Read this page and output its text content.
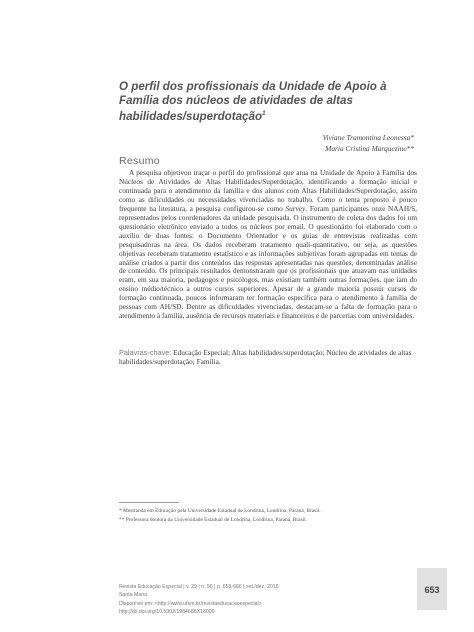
O perfil dos profissionais da Unidade de Apoio à Família dos núcleos de atividades de altas habilidades/superdotação$^1$
Viviane Tramontina Leonessa*
Maria Cristina Marquezine**
Resumo

A pesquisa objetivou traçar o perfil do profissional que atua na Unidade de Apoio à Família dos Núcleos de Atividades de Altas Habilidades/Superdotação, identificando a formação inicial e continuada para o atendimento da família e dos alunos com Altas Habilidades/Superdotação, assim como as dificuldades ou necessidades vivenciadas no trabalho. Como o tema proposto é pouco frequente na literatura, a pesquisa configurou-se como Survey. Foram participantes onze NAAH/S, representados pelos coordenadores da unidade pesquisada. O instrumento de coleta dos dados foi um questionário eletrônico enviado a todos os núcleos por email. O questionário foi elaborado com o auxílio de duas fontes: o Documento Orientador e os guias de entrevistas realizadas com pesquisadoras na área. Os dados receberam tratamento quali-quantitativo, ou seja, as questões objetivas receberam tratamento estatístico e as informações subjetivas foram agrupadas em temas de análise criados a partir dos conteúdos das respostas apresentadas nas questões, denominadas análise de conteúdo. Os principais resultados demonstraram que os profissionais que atuavam nas unidades eram, em sua maioria, pedagogos e psicólogos, mas existiam também outras formações, que iam do ensino médio/técnico a outros cursos superiores. Apesar de a grande maioria possuir cursos de formação continuada, poucos informaram ter formação específica para o atendimento à família de pessoas com AH/SD. Dentre as dificuldades vivenciadas, destacam-se a falta de formação para o atendimento à família, ausência de recursos materiais e financeiros e de parcerias com universidades.

Palavras-chave: Educação Especial; Altas habilidades/superdotação; Núcleo de atividades de altas habilidades/superdotação; Família.

* Mestranda em Educação pela Universidade Estadual de Londrina, Londrina, Paraná, Brasil.
** Professora doutora da Universidade Estadual de Londrina, Londrina, Paraná, Brasil.
Revista Educação Especial | v. 29 | n. 56 | p. 653-666 | set./dez. 2016
Santa Maria
Disponível em: <http://www.ufsm.br/revistaeducacaoespecial>
http://dx.doi.org/10.5902/1984686X18000
653
